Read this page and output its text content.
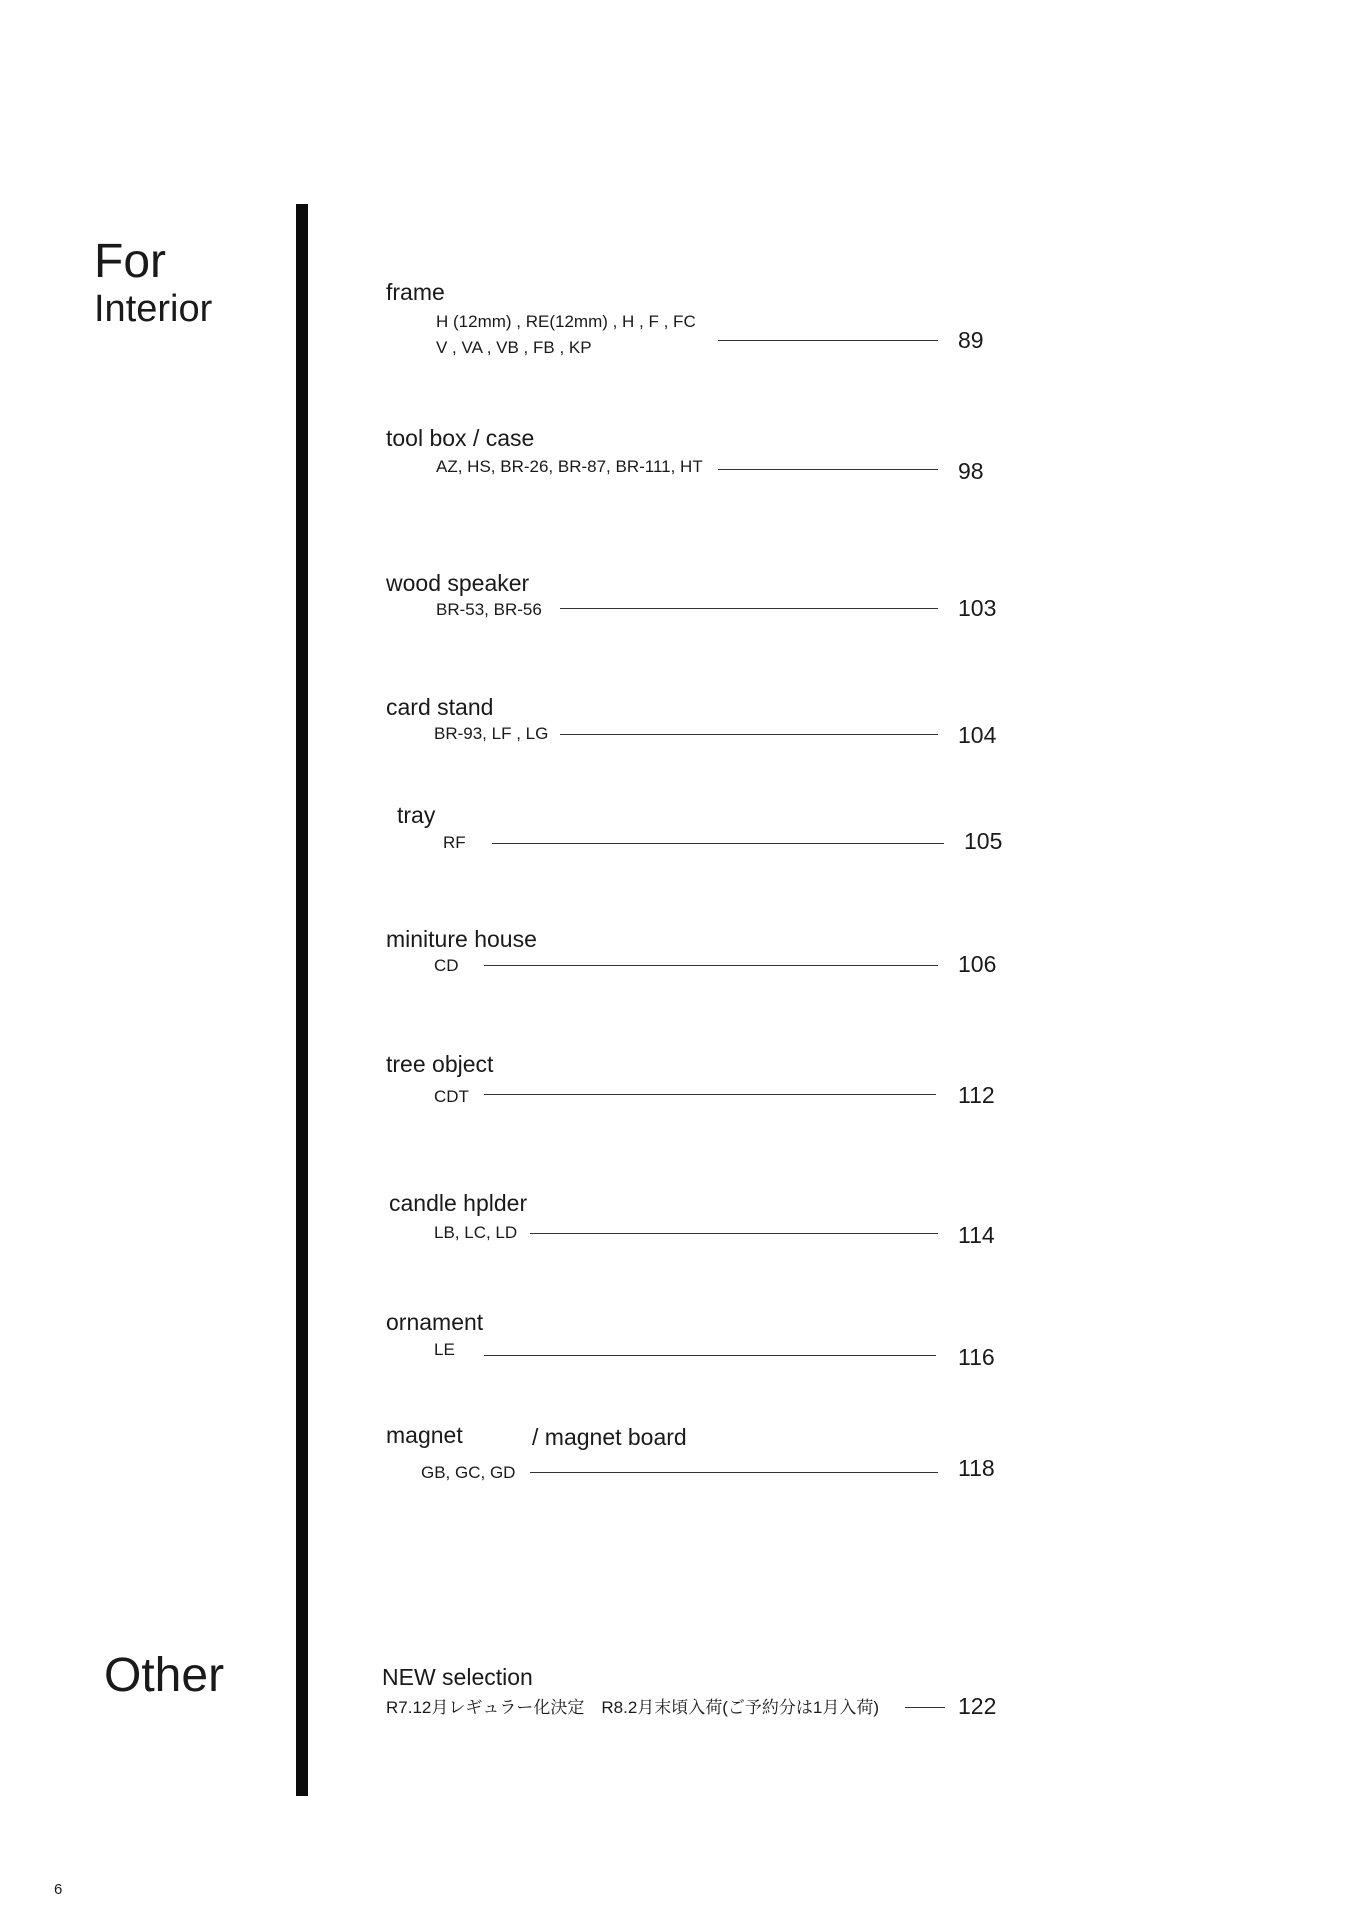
For
Interior
Other
frame
H (12mm) , RE(12mm) , H , F , FC
V , VA , VB , FB , KP	89
tool box / case
AZ, HS, BR-26, BR-87, BR-111, HT	98
wood speaker
BR-53, BR-56	103
card stand
BR-93, LF , LG	104
tray
RF	105
miniture house
CD	106
tree object
CDT	112
candle hplder
LB, LC, LD	114
ornament
LE	116
magnet	/ magnet board
GB, GC, GD	118
NEW selection
R7.12月レギュラー化決定　R8.2月末頃入荷(ご予約分は1月入荷)	122
6
